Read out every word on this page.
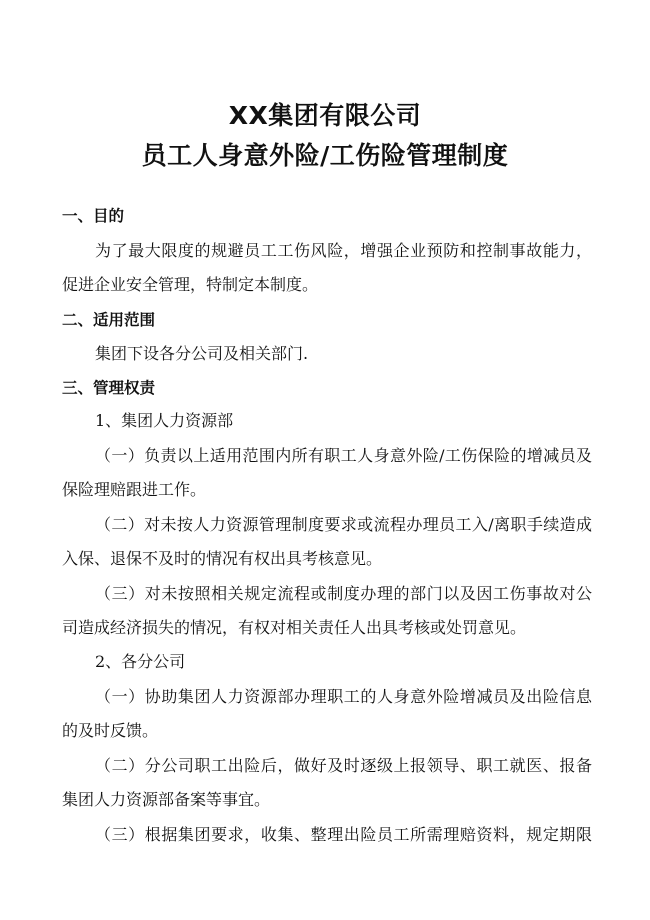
XX集团有限公司
员工人身意外险/工伤险管理制度

一、目的

为了最大限度的规避员工工伤风险，增强企业预防和控制事故能力，

促进企业安全管理，特制定本制度。

二、适用范围

集团下设各分公司及相关部门.

三、管理权责

1、集团人力资源部

（一）负责以上适用范围内所有职工人身意外险/工伤保险的增减员及

保险理赔跟进工作。

（二）对未按人力资源管理制度要求或流程办理员工入/离职手续造成

入保、退保不及时的情况有权出具考核意见。

（三）对未按照相关规定流程或制度办理的部门以及因工伤事故对公

司造成经济损失的情况，有权对相关责任人出具考核或处罚意见。

2、各分公司

（一）协助集团人力资源部办理职工的人身意外险增减员及出险信息

的及时反馈。

（二）分公司职工出险后，做好及时逐级上报领导、职工就医、报备

集团人力资源部备案等事宜。

（三）根据集团要求，收集、整理出险员工所需理赔资料，规定期限
